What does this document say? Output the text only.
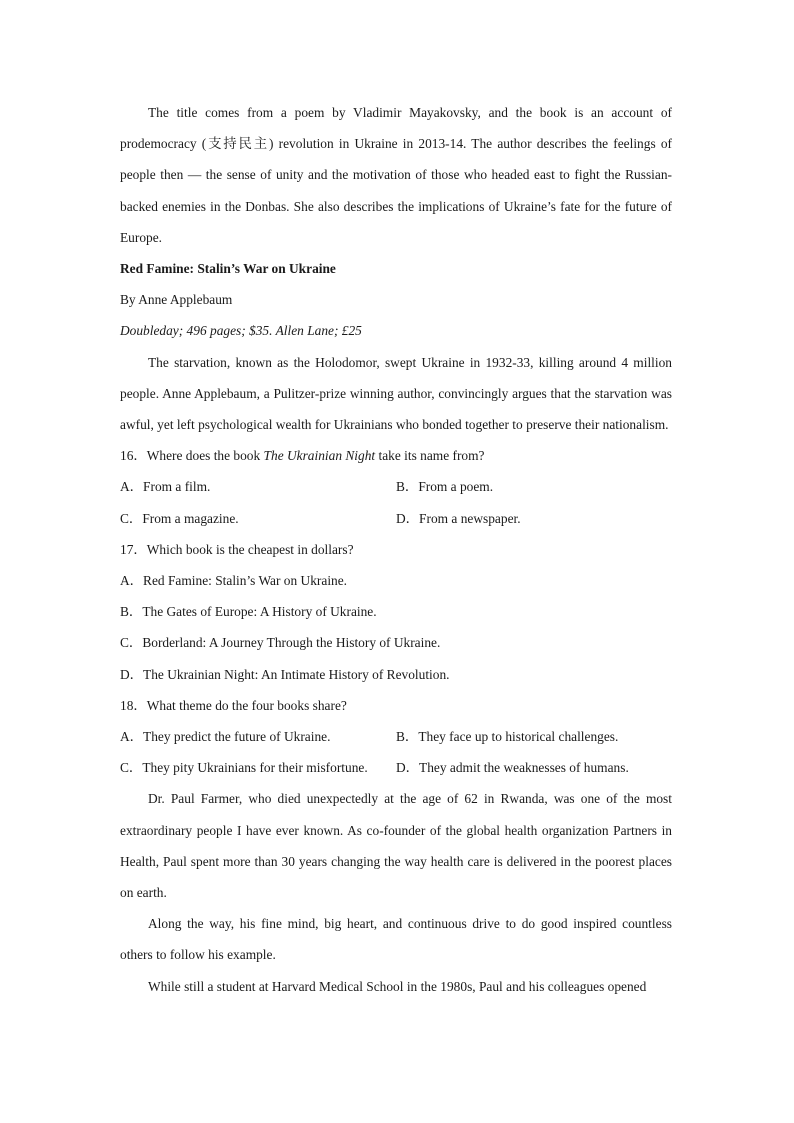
The title comes from a poem by Vladimir Mayakovsky, and the book is an account of prodemocracy (支持民主) revolution in Ukraine in 2013-14. The author describes the feelings of people then — the sense of unity and the motivation of those who headed east to fight the Russian-backed enemies in the Donbas. She also describes the implications of Ukraine’s fate for the future of Europe.

Red Famine: Stalin’s War on Ukraine

By Anne Applebaum

Doubleday; 496 pages; $35. Allen Lane; £25

The starvation, known as the Holodomor, swept Ukraine in 1932-33, killing around 4 million people. Anne Applebaum, a Pulitzer-prize winning author, convincingly argues that the starvation was awful, yet left psychological wealth for Ukrainians who bonded together to preserve their nationalism.

16．Where does the book The Ukrainian Night take its name from?

A．From a film.	B．From a poem.
C．From a magazine.	D．From a newspaper.

17．Which book is the cheapest in dollars?

A．Red Famine: Stalin’s War on Ukraine.

B．The Gates of Europe: A History of Ukraine.

C．Borderland: A Journey Through the History of Ukraine.

D．The Ukrainian Night: An Intimate History of Revolution.

18．What theme do the four books share?

A．They predict the future of Ukraine.	B．They face up to historical challenges.
C．They pity Ukrainians for their misfortune.	D．They admit the weaknesses of humans.

Dr. Paul Farmer, who died unexpectedly at the age of 62 in Rwanda, was one of the most extraordinary people I have ever known. As co-founder of the global health organization Partners in Health, Paul spent more than 30 years changing the way health care is delivered in the poorest places on earth.

Along the way, his fine mind, big heart, and continuous drive to do good inspired countless others to follow his example.

While still a student at Harvard Medical School in the 1980s, Paul and his colleagues opened
